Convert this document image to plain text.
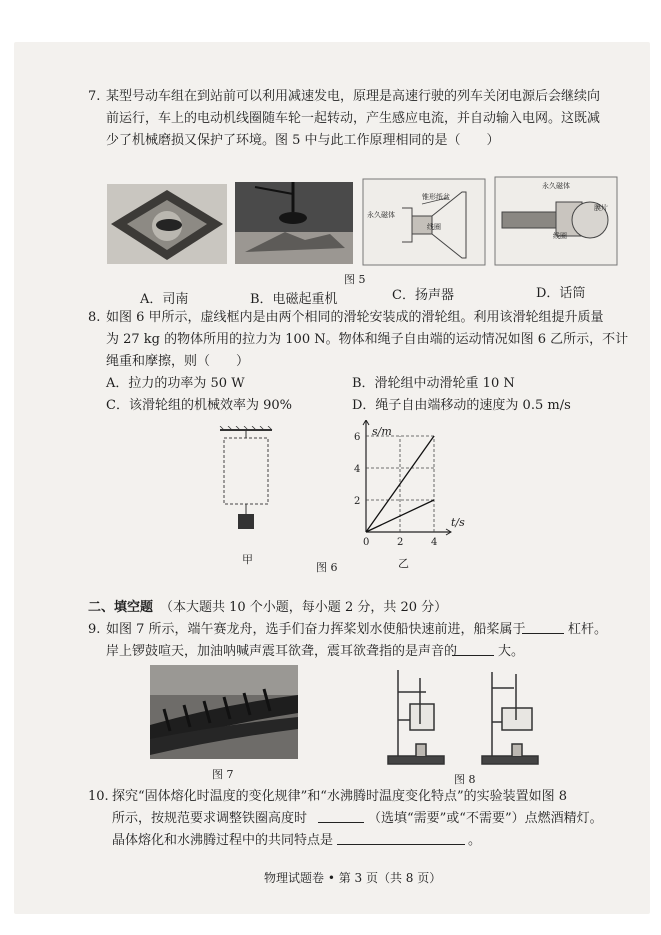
7. 某型号动车组在到站前可以利用减速发电，原理是高速行驶的列车关闭电源后会继续向
前运行，车上的电动机线圈随车轮一起转动，产生感应电流，并自动输入电网。这既减
少了机械磨损又保护了环境。图 5 中与此工作原理相同的是（　　）
锥形纸盆
永久磁体
线圈
永久磁体
膜片
线圈
图 5
A．司南	B．电磁起重机	C．扬声器	D．话筒
8. 如图 6 甲所示，虚线框内是由两个相同的滑轮安装成的滑轮组。利用该滑轮组提升质量
为 27 kg 的物体所用的拉力为 100 N。物体和绳子自由端的运动情况如图 6 乙所示，不计
绳重和摩擦，则（　　）
A．拉力的功率为 50 W	B．滑轮组中动滑轮重 10 N
C．该滑轮组的机械效率为 90%	D．绳子自由端移动的速度为 0.5 m/s
甲
0	2	4
2
4
6 s/m
t/s
乙
图 6
二、填空题 （本大题共 10 个小题，每小题 2 分，共 20 分）
9. 如图 7 所示，端午赛龙舟，选手们奋力挥桨划水使船快速前进，船桨属于	杠杆。
岸上锣鼓喧天，加油呐喊声震耳欲聋，震耳欲聋指的是声音的	大。
图 7	图 8
10. 探究“固体熔化时温度的变化规律”和“水沸腾时温度变化特点”的实验装置如图 8
所示，按规范要求调整铁圈高度时	（选填“需要”或“不需要”）点燃酒精灯。
晶体熔化和水沸腾过程中的共同特点是	。
物理试题卷 • 第 3 页（共 8 页）
